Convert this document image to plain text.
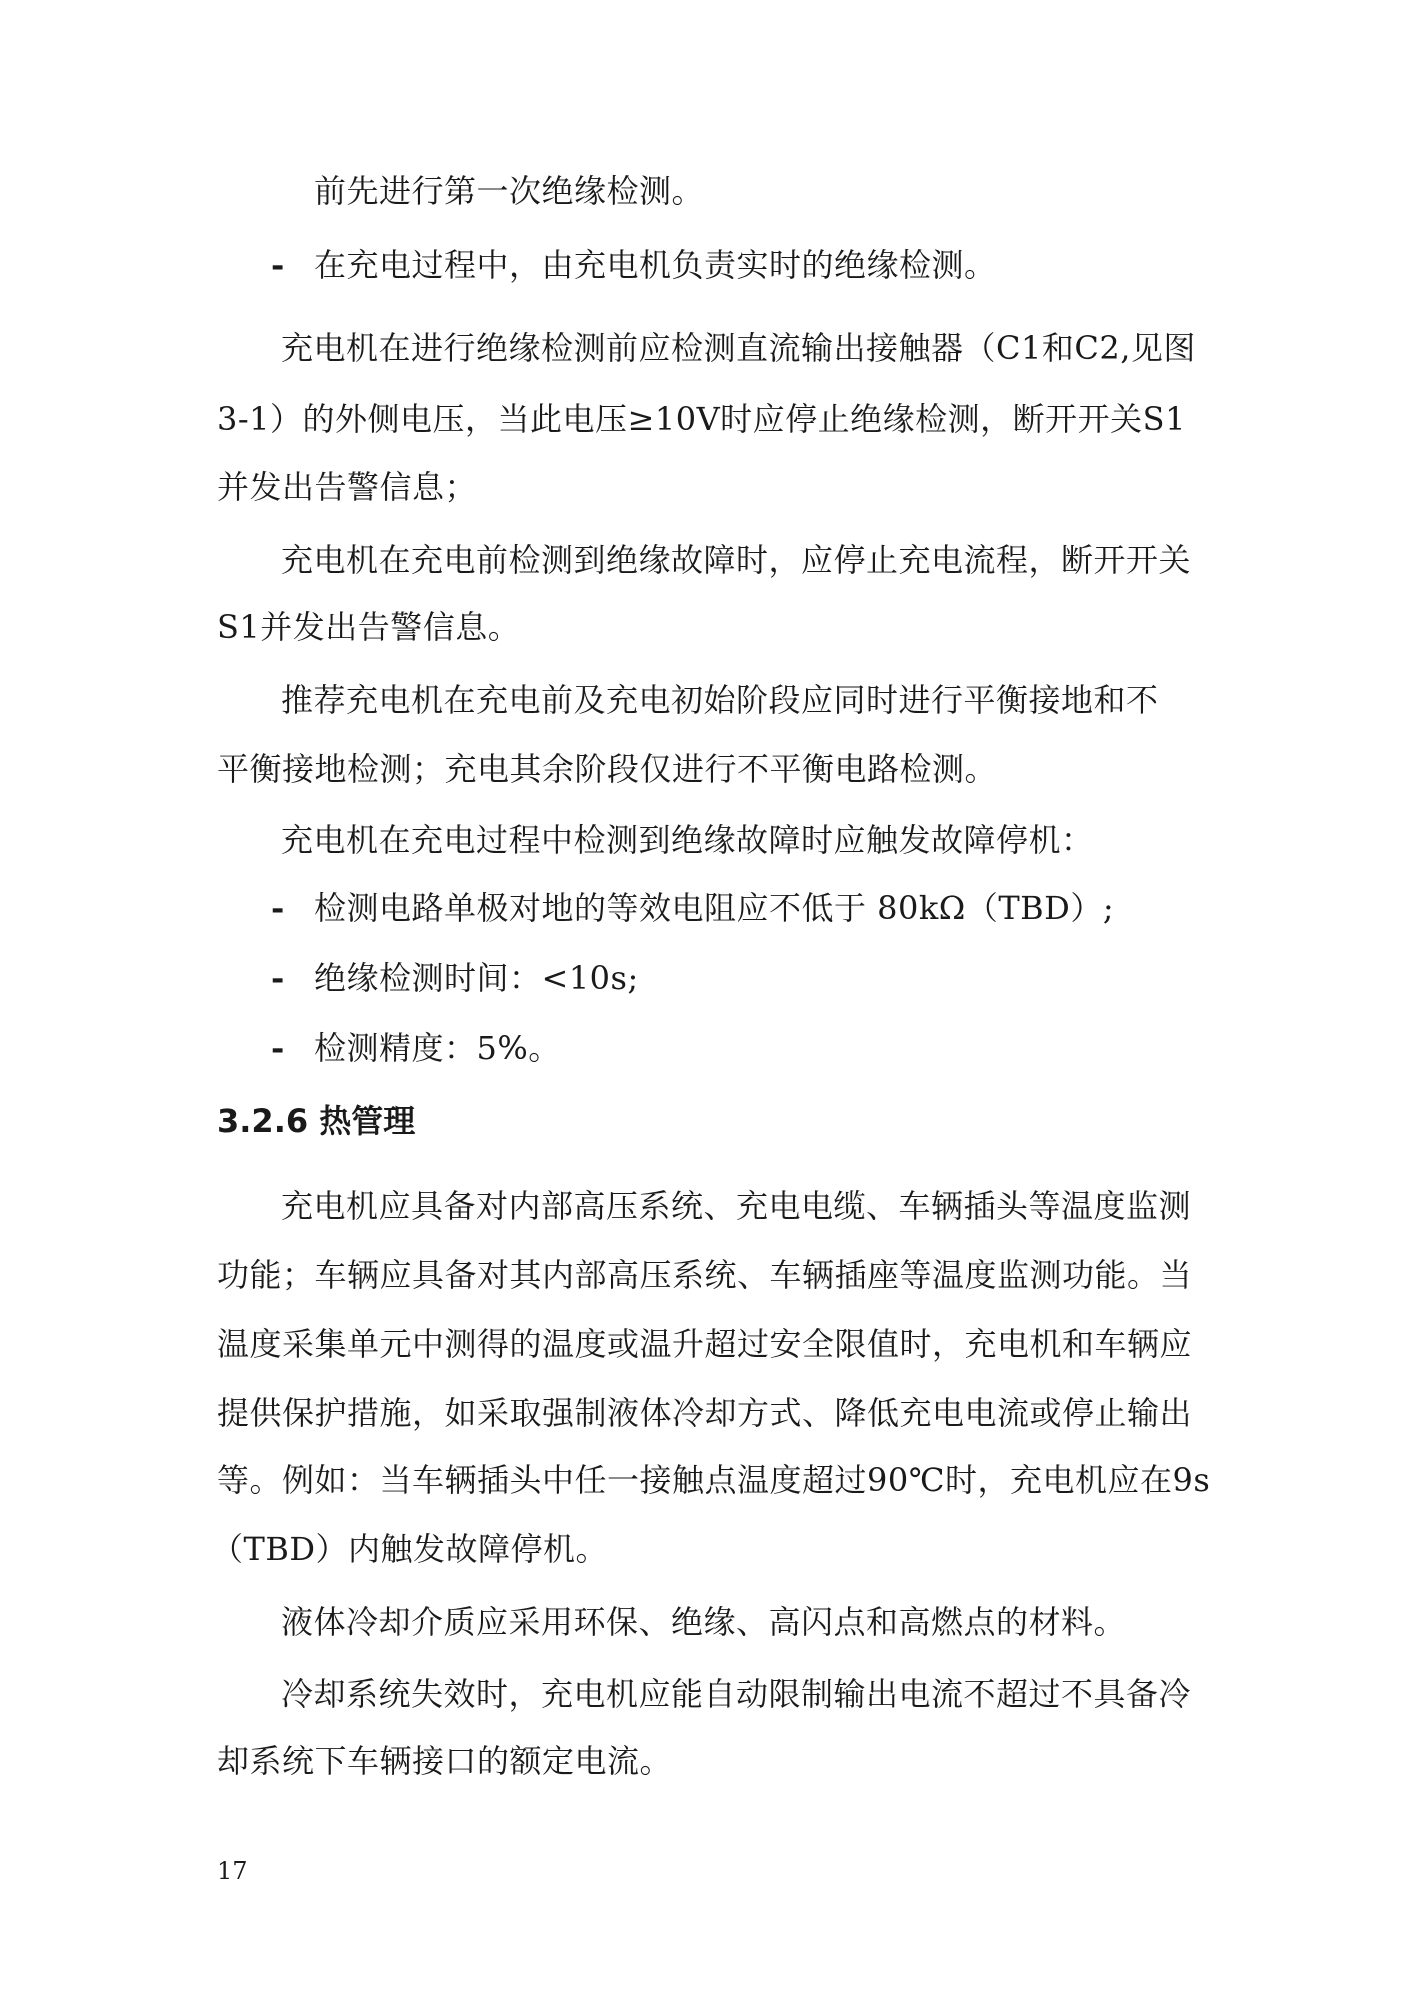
前先进行第一次绝缘检测。
- 在充电过程中，由充电机负责实时的绝缘检测。
充电机在进行绝缘检测前应检测直流输出接触器（C1和C2,见图
3-1）的外侧电压，当此电压≥10V时应停止绝缘检测，断开开关S1
并发出告警信息；
充电机在充电前检测到绝缘故障时，应停止充电流程，断开开关
S1并发出告警信息。
推荐充电机在充电前及充电初始阶段应同时进行平衡接地和不
平衡接地检测；充电其余阶段仅进行不平衡电路检测。
充电机在充电过程中检测到绝缘故障时应触发故障停机：
- 检测电路单极对地的等效电阻应不低于 80kΩ（TBD）;
- 绝缘检测时间：<10s;
- 检测精度：5%。
3.2.6 热管理
充电机应具备对内部高压系统、充电电缆、车辆插头等温度监测
功能；车辆应具备对其内部高压系统、车辆插座等温度监测功能。当
温度采集单元中测得的温度或温升超过安全限值时，充电机和车辆应
提供保护措施，如采取强制液体冷却方式、降低充电电流或停止输出
等。例如：当车辆插头中任一接触点温度超过90℃时，充电机应在9s
（TBD）内触发故障停机。
液体冷却介质应采用环保、绝缘、高闪点和高燃点的材料。
冷却系统失效时，充电机应能自动限制输出电流不超过不具备冷
却系统下车辆接口的额定电流。
17
